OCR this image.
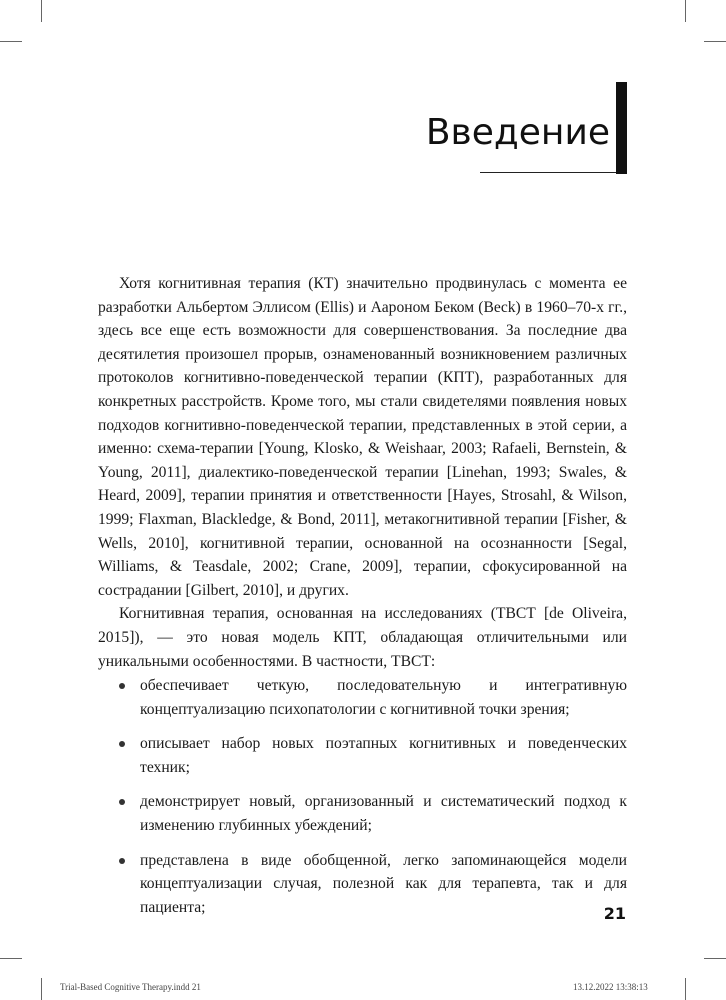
Введение

Хотя когнитивная терапия (КТ) значительно продвинулась с момента ее разработки Альбертом Эллисом (Ellis) и Аароном Беком (Beck) в 1960–70-х гг., здесь все еще есть возможности для совершенствования. За последние два десятилетия произошел прорыв, ознаменованный возникновением различных протоколов когнитивно-поведенческой терапии (КПТ), разработанных для конкретных расстройств. Кроме того, мы стали свидетелями появления новых подходов когнитивно-поведенческой терапии, представленных в этой серии, а именно: схема-терапии [Young, Klosko, & Weishaar, 2003; Rafaeli, Bernstein, & Young, 2011], диалектико-поведенческой терапии [Linehan, 1993; Swales, & Heard, 2009], терапии принятия и ответственности [Hayes, Strosahl, & Wilson, 1999; Flaxman, Blackledge, & Bond, 2011], метакогнитивной терапии [Fisher, & Wells, 2010], когнитивной терапии, основанной на осознанности [Segal, Williams, & Teasdale, 2002; Crane, 2009], терапии, сфокусированной на сострадании [Gilbert, 2010], и других.

Когнитивная терапия, основанная на исследованиях (ТВСТ [de Oliveira, 2015]), — это новая модель КПТ, обладающая отличительными или уникальными особенностями. В частности, ТВСТ:

обеспечивает четкую, последовательную и интегративную концептуализацию психопатологии с когнитивной точки зрения;
описывает набор новых поэтапных когнитивных и поведенческих техник;
демонстрирует новый, организованный и систематический подход к изменению глубинных убеждений;
представлена в виде обобщенной, легко запоминающейся модели концептуализации случая, полезной как для терапевта, так и для пациента;	21
Trial-Based Cognitive Therapy.indd 21	13.12.2022 13:38:13
